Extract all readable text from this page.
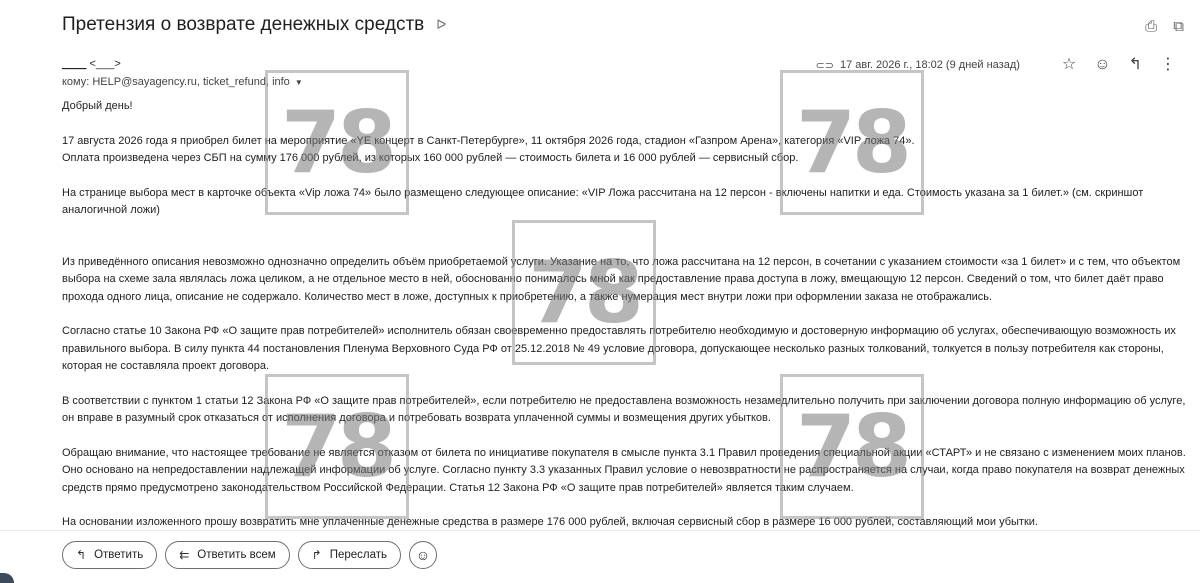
Претензия о возврате денежных средств ᐅ	⎙ ⧉
____ <___>
кому: HELP@sayagency.ru, ticket_refund, info ▼
⊂⊃ 17 авг. 2026 г., 18:02 (9 дней назад)	☆ ☺ ↰ ⋮

Добрый день!

17 августа 2026 года я приобрел билет на мероприятие «YE концерт в Санкт-Петербурге», 11 октября 2026 года, стадион «Газпром Арена», категория «VIP ложа 74».

Оплата произведена через СБП на сумму 176 000 рублей, из которых 160 000 рублей — стоимость билета и 16 000 рублей — сервисный сбор.

На странице выбора мест в карточке объекта «Vip ложа 74» было размещено следующее описание: «VIP Ложа рассчитана на 12 персон - включены напитки и еда. Стоимость указана за 1 билет.» (см. скриншот аналогичной ложи)

Из приведённого описания невозможно однозначно определить объём приобретаемой услуги. Указание на то, что ложа рассчитана на 12 персон, в сочетании с указанием стоимости «за 1 билет» и с тем, что объектом выбора на схеме зала являлась ложа целиком, а не отдельное место в ней, обоснованно понималось мной как предоставление права доступа в ложу, вмещающую 12 персон. Сведений о том, что билет даёт право прохода одного лица, описание не содержало. Количество мест в ложе, доступных к приобретению, а также нумерация мест внутри ложи при оформлении заказа не отображались.

Согласно статье 10 Закона РФ «О защите прав потребителей» исполнитель обязан своевременно предоставлять потребителю необходимую и достоверную информацию об услугах, обеспечивающую возможность их правильного выбора. В силу пункта 44 постановления Пленума Верховного Суда РФ от 25.12.2018 № 49 условие договора, допускающее несколько разных толкований, толкуется в пользу потребителя как стороны, которая не составляла проект договора.

В соответствии с пунктом 1 статьи 12 Закона РФ «О защите прав потребителей», если потребителю не предоставлена возможность незамедлительно получить при заключении договора полную информацию об услуге, он вправе в разумный срок отказаться от исполнения договора и потребовать возврата уплаченной суммы и возмещения других убытков.

Обращаю внимание, что настоящее требование не является отказом от билета по инициативе покупателя в смысле пункта 3.1 Правил проведения специальной акции «СТАРТ» и не связано с изменением моих планов. Оно основано на непредоставлении надлежащей информации об услуге. Согласно пункту 3.3 указанных Правил условие о невозвратности не распространяется на случаи, когда право покупателя на возврат денежных средств прямо предусмотрено законодательством Российской Федерации. Статья 12 Закона РФ «О защите прав потребителей» является таким случаем.

На основании изложенного прошу возвратить мне уплаченные денежные средства в размере 176 000 рублей, включая сервисный сбор в размере 16 000 рублей, составляющий мои убытки.

78	78
78
78	78
↰ Ответить	⇇ Ответить всем	↱ Переслать ☺
